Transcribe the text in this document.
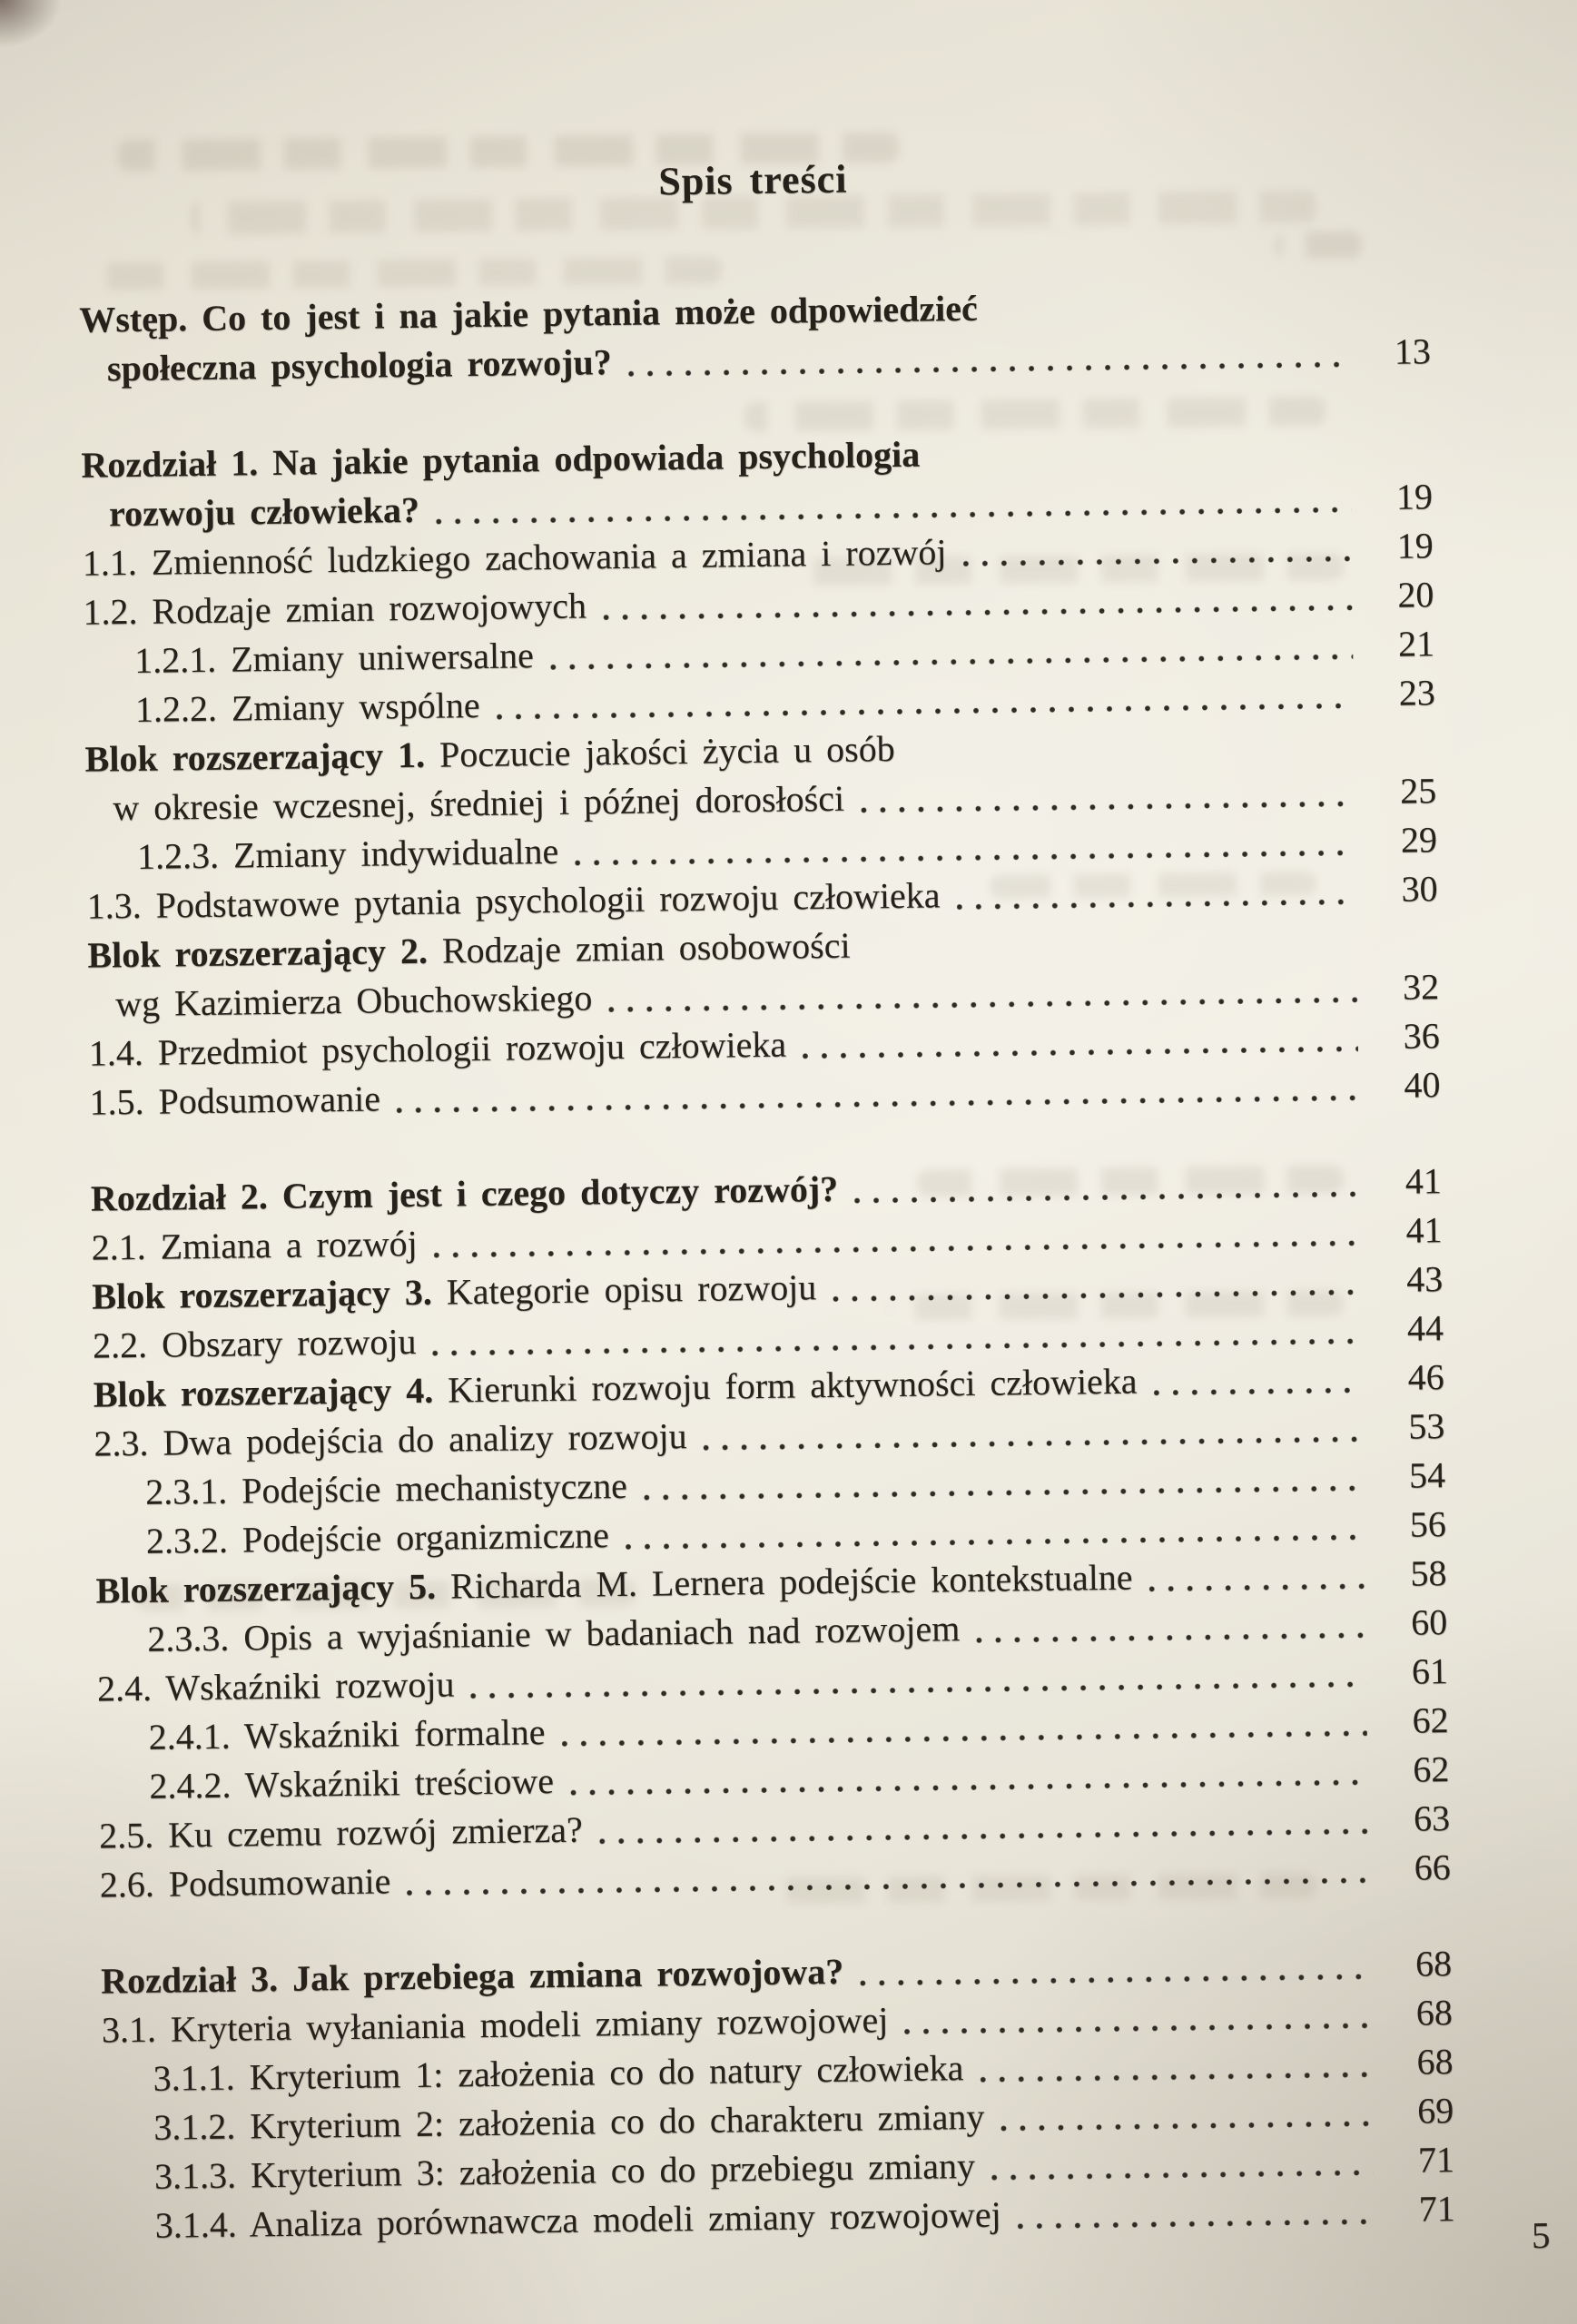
Spis treści
Wstęp. Co to jest i na jakie pytania może odpowiedzieć
społeczna psychologia rozwoju?	13
Rozdział 1. Na jakie pytania odpowiada psychologia
rozwoju człowieka?	19
1.1. Zmienność ludzkiego zachowania a zmiana i rozwój	19
1.2. Rodzaje zmian rozwojowych	20
1.2.1. Zmiany uniwersalne	21
1.2.2. Zmiany wspólne	23
Blok rozszerzający 1. Poczucie jakości życia u osób
w okresie wczesnej, średniej i późnej dorosłości	25
1.2.3. Zmiany indywidualne	29
1.3. Podstawowe pytania psychologii rozwoju człowieka	30
Blok rozszerzający 2. Rodzaje zmian osobowości
wg Kazimierza Obuchowskiego	32
1.4. Przedmiot psychologii rozwoju człowieka	36
1.5. Podsumowanie	40
Rozdział 2. Czym jest i czego dotyczy rozwój?	41
2.1. Zmiana a rozwój	41
Blok rozszerzający 3. Kategorie opisu rozwoju	43
2.2. Obszary rozwoju	44
Blok rozszerzający 4. Kierunki rozwoju form aktywności człowieka	46
2.3. Dwa podejścia do analizy rozwoju	53
2.3.1. Podejście mechanistyczne	54
2.3.2. Podejście organizmiczne	56
Blok rozszerzający 5. Richarda M. Lernera podejście kontekstualne	58
2.3.3. Opis a wyjaśnianie w badaniach nad rozwojem	60
2.4. Wskaźniki rozwoju	61
2.4.1. Wskaźniki formalne	62
2.4.2. Wskaźniki treściowe	62
2.5. Ku czemu rozwój zmierza?	63
2.6. Podsumowanie	66
Rozdział 3. Jak przebiega zmiana rozwojowa?	68
3.1. Kryteria wyłaniania modeli zmiany rozwojowej	68
3.1.1. Kryterium 1: założenia co do natury człowieka	68
3.1.2. Kryterium 2: założenia co do charakteru zmiany	69
3.1.3. Kryterium 3: założenia co do przebiegu zmiany	71
3.1.4. Analiza porównawcza modeli zmiany rozwojowej	71
5
